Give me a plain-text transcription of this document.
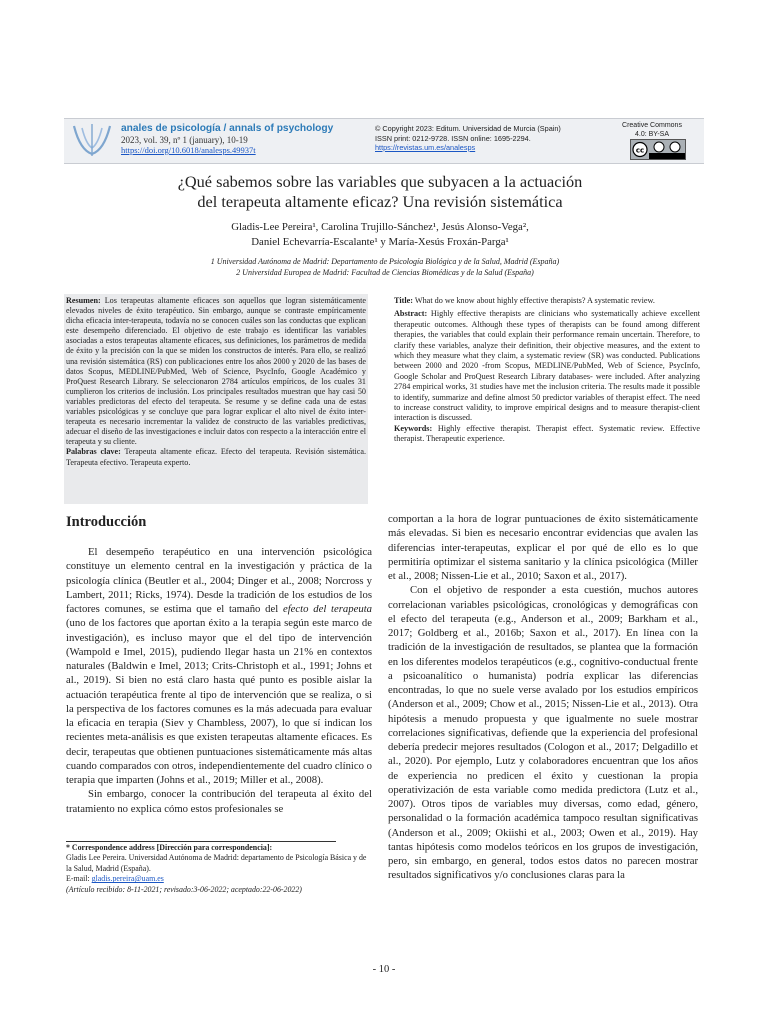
anales de psicología / annals of psychology
2023, vol. 39, nº 1 (january), 10-19
https://doi.org/10.6018/analesps.49937t
© Copyright 2023: Editum. Universidad de Murcia (Spain)
ISSN print: 0212-9728. ISSN online: 1695-2294.
https://revistas.um.es/analesps
Creative Commons
4.0: BY-SA
cc
¿Qué sabemos sobre las variables que subyacen a la actuación
del terapeuta altamente eficaz? Una revisión sistemática
Gladis-Lee Pereira¹, Carolina Trujillo-Sánchez¹, Jesús Alonso-Vega²,
Daniel Echevarría-Escalante¹ y María-Xesús Froxán-Parga¹
1 Universidad Autónoma de Madrid: Departamento de Psicología Biológica y de la Salud, Madrid (España)
2 Universidad Europea de Madrid: Facultad de Ciencias Biomédicas y de la Salud (España)

Resumen: Los terapeutas altamente eficaces son aquellos que logran sistemáticamente elevados niveles de éxito terapéutico. Sin embargo, aunque se contraste empíricamente dicha eficacia inter-terapeuta, todavía no se conocen cuáles son las conductas que explican este desempeño diferenciado. El objetivo de este trabajo es identificar las variables asociadas a estos terapeutas altamente eficaces, sus definiciones, los parámetros de medida de éxito y la precisión con la que se miden los constructos de interés. Para ello, se realizó una revisión sistemática (RS) con publicaciones entre los años 2000 y 2020 de las bases de datos Scopus, MEDLINE/PubMed, Web of Science, PsycInfo, Google Académico y ProQuest Research Library. Se seleccionaron 2784 artículos empíricos, de los cuales 31 cumplieron los criterios de inclusión. Los principales resultados muestran que hay casi 50 variables predictoras del efecto del terapeuta. Se resume y se define cada una de estas variables psicológicas y se concluye que para lograr explicar el alto nivel de éxito inter-terapeuta es necesario incrementar la validez de constructo de las variables predictivas, adecuar el diseño de las investigaciones e incluir datos con respecto a la interacción entre el terapeuta y su cliente.

Palabras clave: Terapeuta altamente eficaz. Efecto del terapeuta. Revisión sistemática. Terapeuta efectivo. Terapeuta experto.

Title: What do we know about highly effective therapists? A systematic review.

Abstract: Highly effective therapists are clinicians who systematically achieve excellent therapeutic outcomes. Although these types of therapists can be found among different therapies, the variables that could explain their performance remain uncertain. Therefore, to clarify these variables, analyze their definition, their objective measures, and the extent to which they measure what they claim, a systematic review (SR) was conducted. Publications between 2000 and 2020 -from Scopus, MEDLINE/PubMed, Web of Science, PsycInfo, Google Scholar and ProQuest Research Library databases- were included. After analyzing 2784 empirical works, 31 studies have met the inclusion criteria. The results made it possible to identify, summarize and define almost 50 predictor variables of therapist effect. The need to increase construct validity, to improve empirical designs and to measure therapist-client interaction is discussed.

Keywords: Highly effective therapist. Therapist effect. Systematic review. Effective therapist. Therapeutic experience.

Introducción

El desempeño terapéutico en una intervención psicológica constituye un elemento central en la investigación y práctica de la psicología clínica (Beutler et al., 2004; Dinger et al., 2008; Norcross y Lambert, 2011; Ricks, 1974). Desde la tradición de los estudios de los factores comunes, se estima que el tamaño del efecto del terapeuta (uno de los factores que aportan éxito a la terapia según este marco de investigación), es incluso mayor que el del tipo de intervención (Wampold e Imel, 2015), pudiendo llegar hasta un 21% en contextos naturales (Baldwin e Imel, 2013; Crits-Christoph et al., 1991; Johns et al., 2019). Si bien no está claro hasta qué punto es posible aislar la actuación terapéutica frente al tipo de intervención que se realiza, o si la perspectiva de los factores comunes es la más adecuada para evaluar la eficacia en terapia (Siev y Chambless, 2007), lo que sí indican los recientes meta-análisis es que existen terapeutas altamente eficaces. Es decir, terapeutas que obtienen puntuaciones sistemáticamente más altas cuando comparados con otros, independientemente del cuadro clínico o terapia que imparten (Johns et al., 2019; Miller et al., 2008).

Sin embargo, conocer la contribución del terapeuta al éxito del tratamiento no explica cómo estos profesionales se

comportan a la hora de lograr puntuaciones de éxito sistemáticamente más elevadas. Si bien es necesario encontrar evidencias que avalen las diferencias inter-terapeutas, explicar el por qué de ello es lo que permitiría optimizar el sistema sanitario y la clínica psicológica (Miller et al., 2008; Nissen-Lie et al., 2010; Saxon et al., 2017).

Con el objetivo de responder a esta cuestión, muchos autores correlacionan variables psicológicas, cronológicas y demográficas con el efecto del terapeuta (e.g., Anderson et al., 2009; Barkham et al., 2017; Goldberg et al., 2016b; Saxon et al., 2017). En línea con la tradición de la investigación de resultados, se plantea que la formación en los diferentes modelos terapéuticos (e.g., cognitivo-conductual frente a psicoanalítico o humanista) podría explicar las diferencias encontradas, lo que no suele verse avalado por los estudios empíricos (Anderson et al., 2009; Chow et al., 2015; Nissen-Lie et al., 2013). Otra hipótesis a menudo propuesta y que igualmente no suele mostrar correlaciones significativas, defiende que la experiencia del profesional debería predecir mejores resultados (Cologon et al., 2017; Delgadillo et al., 2020). Por ejemplo, Lutz y colaboradores encuentran que los años de experiencia no predicen el éxito y cuestionan la propia operativización de esta variable como medida predictora (Lutz et al., 2007). Otros tipos de variables muy diversas, como edad, género, personalidad o la formación académica tampoco resultan significativas (Anderson et al., 2009; Okiishi et al., 2003; Owen et al., 2019). Hay tantas hipótesis como modelos teóricos en los grupos de investigación, pero, sin embargo, en general, todos estos datos no parecen mostrar resultados significativos y/o conclusiones claras para la

* Correspondence address [Dirección para correspondencia]:
Gladis Lee Pereira. Universidad Autónoma de Madrid: departamento de Psicología Básica y de la Salud, Madrid (España).
E-mail: gladis.pereira@uam.es
(Artículo recibido: 8-11-2021; revisado:3-06-2022; aceptado:22-06-2022)
- 10 -
